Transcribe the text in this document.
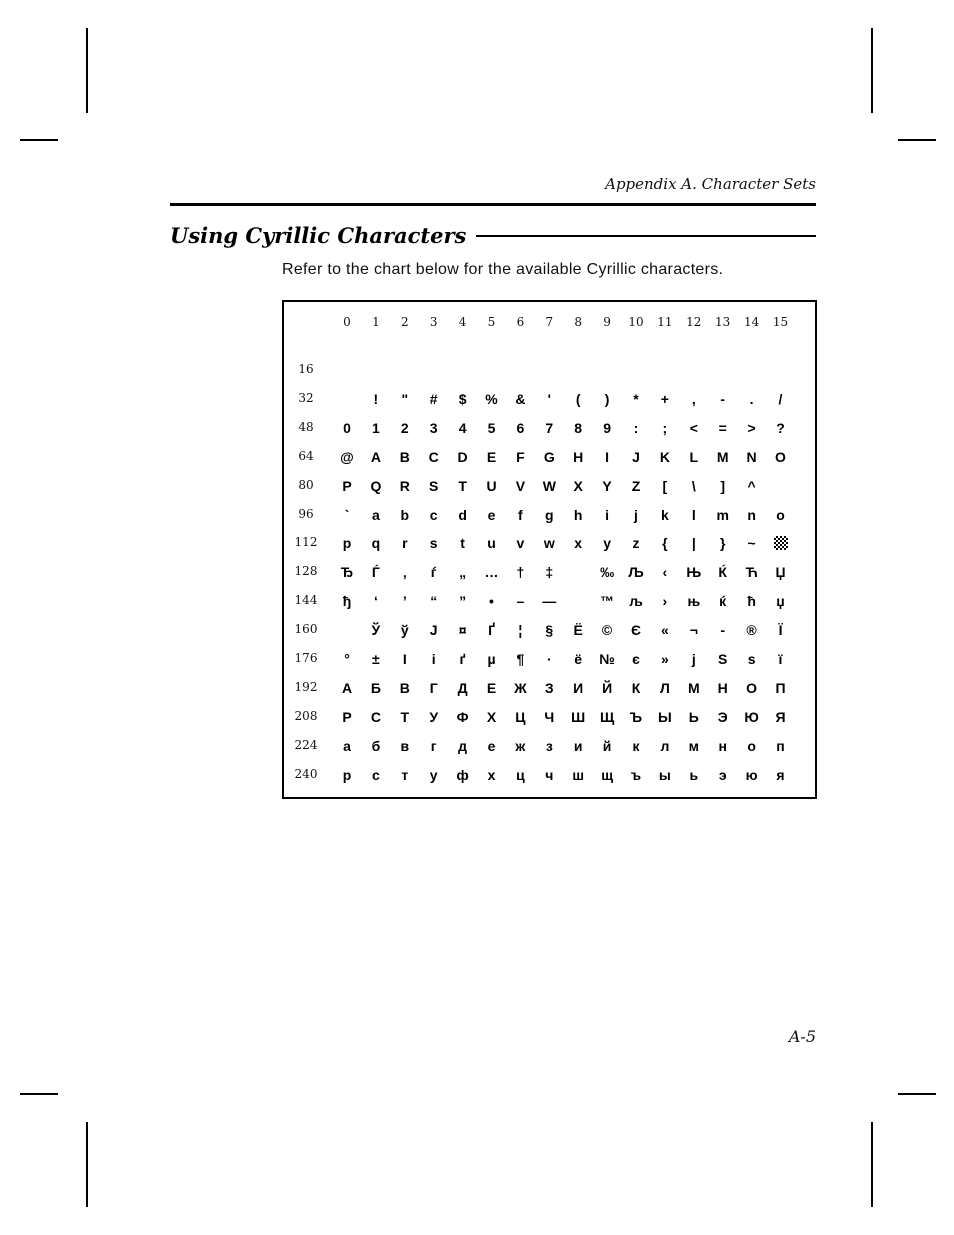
Appendix A. Character Sets
Using Cyrillic Characters
Refer to the chart below for the available Cyrillic characters.
0	1	2	3	4	5	6	7	8	9	10	11	12	13	14	15
16
32	!	"	#	$	%	&	'	(	)	*	+	,	-	.	/
48	0	1	2	3	4	5	6	7	8	9	:	;	<	=	>	?
64	@	A	B	C	D	E	F	G	H	I	J	K	L	M	N	O
80	P	Q	R	S	T	U	V	W	X	Y	Z	[	\	]	^
96	`	a	b	c	d	e	f	g	h	i	j	k	l	m	n	o
112	p	q	r	s	t	u	v	w	x	y	z	{	|	}	~
128	Ђ	Ѓ	‚	ѓ	„	…	†	‡	‰	Љ	‹	Њ	Ќ	Ћ	Џ
144	ђ	‘	’	“	”	•	–	—	™	љ	›	њ	ќ	ћ	џ
160	Ў	ў	Ј	¤	Ґ	¦	§	Ё	©	Є	«	¬	-	®	Ї
176	°	±	І	і	ґ	µ	¶	·	ё	№	є	»	ј	Ѕ	ѕ	ї
192	А	Б	В	Г	Д	Е	Ж	З	И	Й	К	Л	М	Н	О	П
208	Р	С	Т	У	Ф	Х	Ц	Ч	Ш	Щ	Ъ	Ы	Ь	Э	Ю	Я
224	а	б	в	г	д	е	ж	з	и	й	к	л	м	н	о	п
240	р	с	т	у	ф	х	ц	ч	ш	щ	ъ	ы	ь	э	ю	я
A-5
